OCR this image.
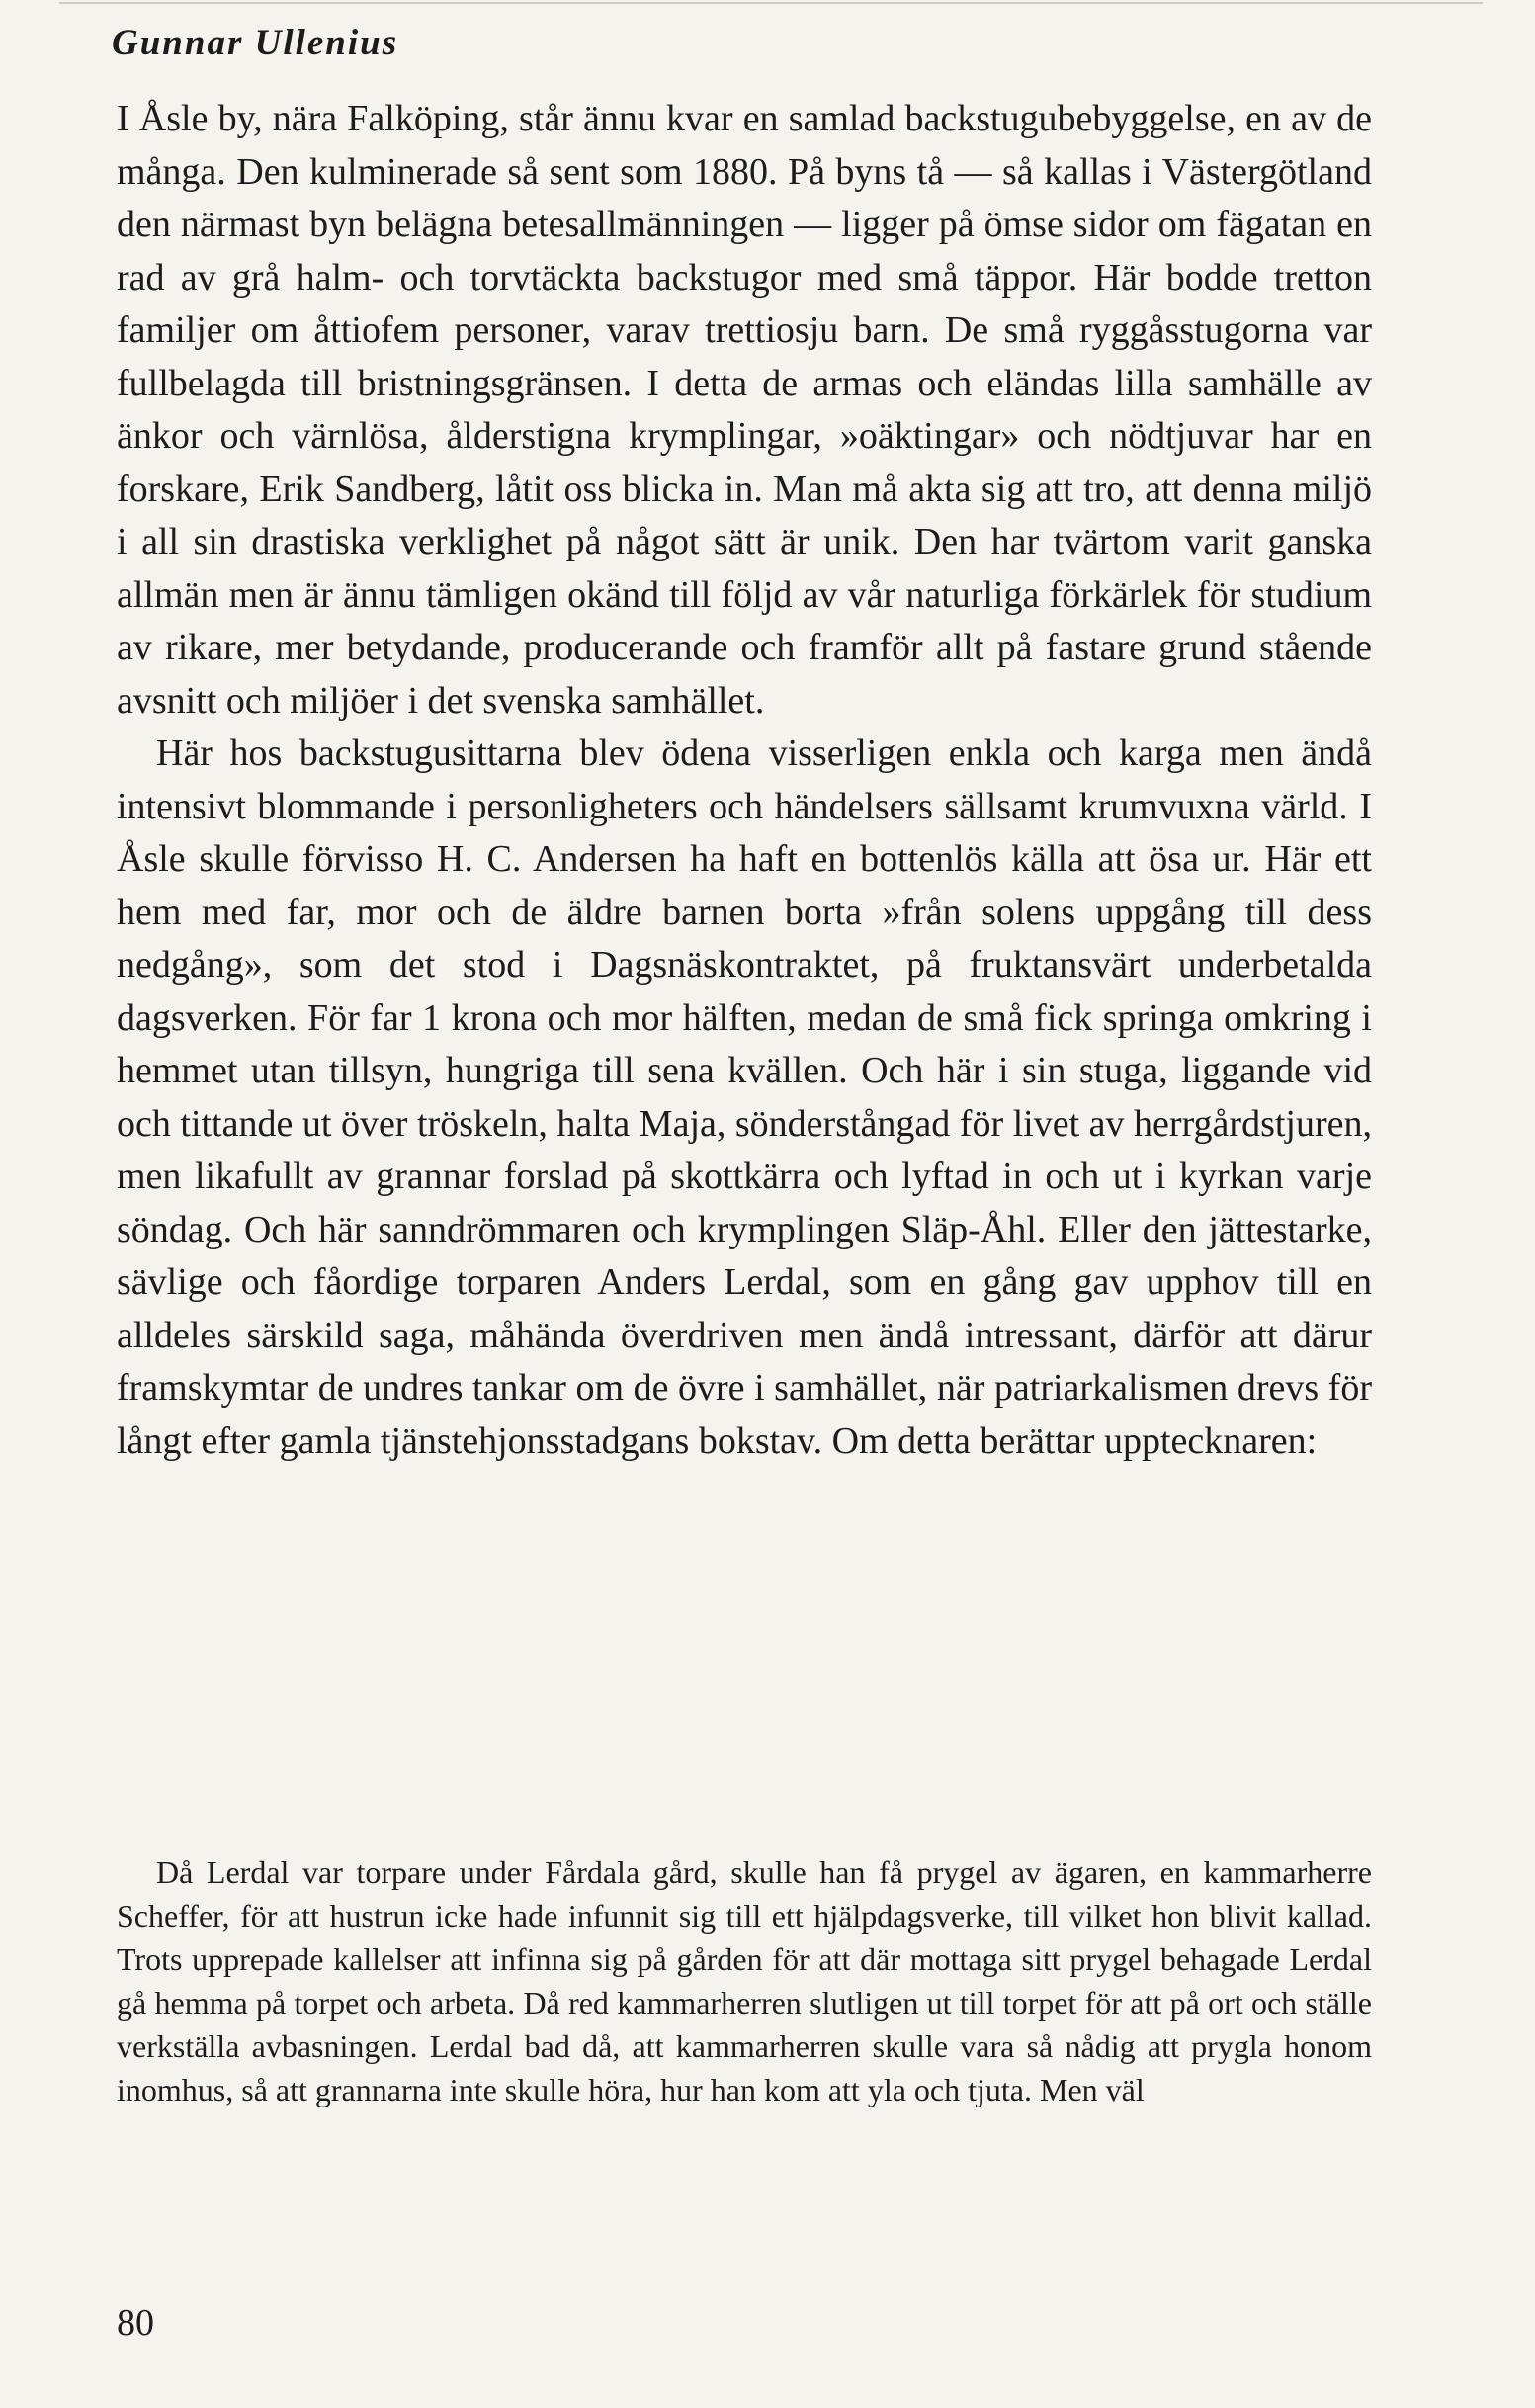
Gunnar Ullenius

I Åsle by, nära Falköping, står ännu kvar en samlad backstugubebyggelse, en av de många. Den kulminerade så sent som 1880. På byns tå — så kallas i Västergötland den närmast byn belägna betesallmänningen — ligger på ömse sidor om fägatan en rad av grå halm- och torvtäckta backstugor med små täppor. Här bodde tretton familjer om åttiofem personer, varav trettiosju barn. De små ryggåsstugorna var fullbelagda till bristningsgränsen. I detta de armas och eländas lilla samhälle av änkor och värnlösa, ålderstigna krymplingar, »oäktingar» och nödtjuvar har en forskare, Erik Sandberg, låtit oss blicka in. Man må akta sig att tro, att denna miljö i all sin drastiska verklighet på något sätt är unik. Den har tvärtom varit ganska allmän men är ännu tämligen okänd till följd av vår naturliga förkärlek för studium av rikare, mer betydande, producerande och framför allt på fastare grund stående avsnitt och miljöer i det svenska samhället.

Här hos backstugusittarna blev ödena visserligen enkla och karga men ändå intensivt blommande i personligheters och händelsers sällsamt krumvuxna värld. I Åsle skulle förvisso H. C. Andersen ha haft en bottenlös källa att ösa ur. Här ett hem med far, mor och de äldre barnen borta »från solens uppgång till dess nedgång», som det stod i Dagsnäskontraktet, på fruktansvärt underbetalda dagsverken. För far 1 krona och mor hälften, medan de små fick springa omkring i hemmet utan tillsyn, hungriga till sena kvällen. Och här i sin stuga, liggande vid och tittande ut över tröskeln, halta Maja, sönderstångad för livet av herrgårdstjuren, men likafullt av grannar forslad på skottkärra och lyftad in och ut i kyrkan varje söndag. Och här sanndrömmaren och krymplingen Släp-Åhl. Eller den jättestarke, sävlige och fåordige torparen Anders Lerdal, som en gång gav upphov till en alldeles särskild saga, måhända överdriven men ändå intressant, därför att därur framskymtar de undres tankar om de övre i samhället, när patriarkalismen drevs för långt efter gamla tjänstehjonsstadgans bokstav. Om detta berättar upptecknaren:

Då Lerdal var torpare under Fårdala gård, skulle han få prygel av ägaren, en kammarherre Scheffer, för att hustrun icke hade infunnit sig till ett hjälpdagsverke, till vilket hon blivit kallad. Trots upprepade kallelser att infinna sig på gården för att där mottaga sitt prygel behagade Lerdal gå hemma på torpet och arbeta. Då red kammarherren slutligen ut till torpet för att på ort och ställe verkställa avbasningen. Lerdal bad då, att kammarherren skulle vara så nådig att prygla honom inomhus, så att grannarna inte skulle höra, hur han kom att yla och tjuta. Men väl

80
